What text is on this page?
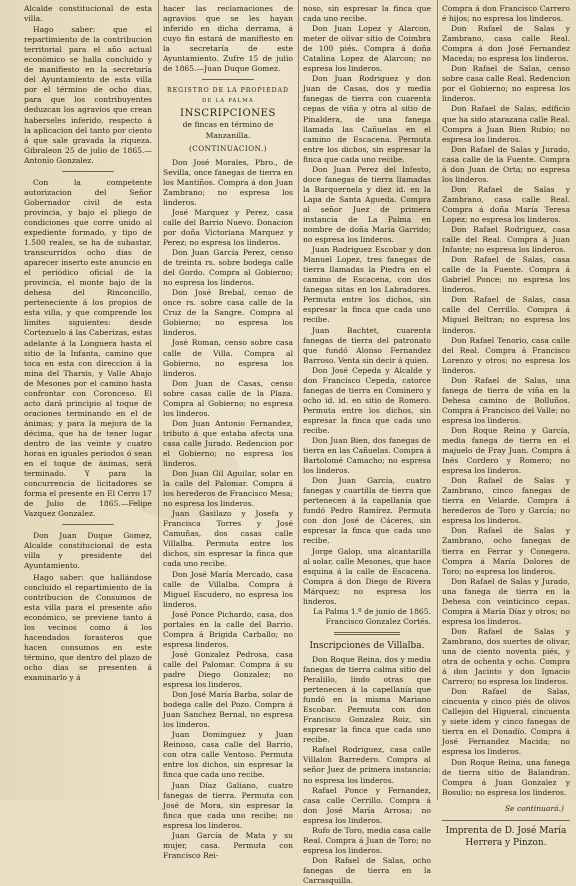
Alcalde constitucional de esta villa.

Hago saber: que el repartimiento de la contribucion territorial para el año actual económico se halla concluido y de manifiesto en la secretaría del Ayuntamiento de esta villa por el término de ocho dias, para que los contribuyentes deduzcan los agravios que crean haberseles inferido, respecto á la aplicacion del tanto por ciento á que sale gravada la riqueza. Gibraleon 25 de julio de 1865.—Antonio Gonzalez.

Con la competente autorizacion del Señor Gobernador civil de esta provincia, y bajo el pliego de condiciones que corre unido al expediente formado, y tipo de 1.500 reales, se ha de subastar, transcurridos ocho dias de aparecer inserto este anuncio en el periódico oficial de la provincia, el monte bajo de la dehesa del Rinconcillo, perteneciente á los propios de esta villa, y que comprende los límites siguientes: desde Cortezuelo á las Caberizas, estas adelante á la Longuera hasta el sitio de la Infanta, camino que toca en esta con direccion á la mina del Tharsis, y Valle Abajo de Mesones por el camino hasta confrontar con Coronceso. El acto dará principio al toque de oraciones terminando en el de ánimas; y para la mejora de la décima, que ha de tener lugar dentro de las veinte y cuatro horas en iguales periodos ó sean en el toque de ánimas, será terminado. Y para la concurrencia de licitadores se forma el presente en El Cerro 17 de Julio de 1865.—Felipe Vazquez Gonzalez.

Don Juan Duque Gomez, Alcalde constitucional de esta villa y presidente del Ayuntamiento.

Hago saber: que hallándose concluido el repartimiento de la contribucion de Consumos de esta villa para el presente año económico, se previene tanto á los vecinos como á los hacendados forasteros que hacen consumos en este término, que dentro del plazo de ocho dias se presenten á examinarlo y á

hacer las reclamaciones de agravios que se les hayan inferido en dicha derrama, á cuyo fin estará de manifiesto en la secretaría de este Ayuntamiento. Zufre 15 de julio de 1865.—Juan Duque Gomez.

REGISTRO DE LA PROPIEDAD

DE LA PALMA

INSCRIPCIONES

de fincas en término de Manzanilla.

(CONTINUACION.)

Don José Morales, Pbro., de Sevilla, once fanegas de tierra en los Mantiños. Compra á don Juan Zambrano; no espresa los linderos.

José Marquez y Perez, casa calle del Barrio Nuevo. Donacion por doña Victoriana Marquez y Perez; no espresa los linderos.

Don Juan García Perez, censo de treinta rs. sobre bodega calle del Gordo. Compra al Gobierno; no espresa los linderos.

Don José Brebal, censo de once rs. sobre casa calle de la Cruz de la Sangre. Compra al Gobierno; no espresa los linderos.

José Roman, censo sobre casa calle de Villa. Compra al Gobierno, no espresa los linderos.

Don Juan de Casas, censo sobre casas calle de la Plaza. Compra al Gobierno; no espresa los linderos.

Don Juan Antonio Fernandez, tributo á que estaba afecta una casa calle Jurado. Redencion por el Gobierno; no espresa los linderos.

Don Juan Gil Aguilar, solar en la calle del Palomar. Compra á los herederos de Francisco Mesa; no espresa los linderos.

Juan Gasilazo y Josefa y Francisca Torres y José Camuñas, dos casas calle Villalba. Permuta entre los dichos, sin espresar la finca que cada uno recibe.

Don José María Mercado, casa calle de Villalba. Compra á Miguel Escudero, no espresa los linderos.

José Ponce Pichardo, casa, dos portales en la calle del Barrio. Compra á Brigida Carballo; no espresa linderos.

José Gonzalez Pedrosa, casa calle del Palomar. Compra á su padre Diego Gonzalez; no espresa los linderos.

Don José María Barba, solar de bodega calle del Pozo. Compra á Juan Sanchez Bernal, no espresa los linderos.

Juan Dominguez y Juan Reinoso, casa calle del Barrio, con otra calle Ventoso. Permuta entre los dichos, sin espresar la finca que cada uno recibe.

Juan Díaz Galiano, cuatro fanegas de tierra. Permuta con José de Mora, sin espresar la finca que cada uno recibe; no espresa los linderos.

Juan García de Mata y su mujer, casa. Permuta con Francisco Rei-

noso, sin espresar la finca que cada uno recibe.

Don Juan Lopez y Alarcon, meter de olivar sitio de Coimbra de 100 piés. Compra á doña Catalina Lopez de Alarcon; no espresa los linderos.

Don Juan Rodriguez y don Juan de Casas, dos y media fanegas de tierra con cuarenta cepas de viña y otra al sitio de Pinaldera, de una fanega llamada las Cañuelas en el camino de Escacena. Permuta entre los dichos, sin espresar la finca que cada uno recibe.

Don Juan Perez del Infesto, doce fanegas de tierra llamadas la Barquernela y diez id. en la Lapa de Santa Agueda. Compra al señor Juez de primera instancia de La Palma en nombre de doña María Garrido; no espresa los linderos.

Juan Rodriguez Escobar y don Manuel Lopez, tres fanegas de tierra llamadas la Piedra en el camino de Escacena, con dos fanegas sitas en los Labradores. Permuta entre los dichos, sin espresar la finca que cada uno recibe.

Juan Bachtet, cuarenta fanegas de tierra del patronato que fundó Alonso Fernandez Barroso. Venta sin decir á quien.

Don José Cepeda y Alcalde y don Francisco Cepeda, catorce fanegas de tierra en Cominero y ocho id. id. en sitio de Romero. Permuta entre los dichos, sin espresar la finca que cada uno recibe.

Don Juan Bien, dos fanegas de tierra en las Cañuelas. Compra á Bartolomé Camacho; no espresa los linderos.

Don Juan García, cuatro fanegas y cuartilla de tierra que pertenecen á la capellanía que fundó Pedro Ramírez. Permuta con don José de Cáceres, sin espresar la finca que cada uno recibe.

Jorge Galop, una alcantarilla al solar, calle Mesones, que hace esquina á la calle de Escacena. Compra á don Diego de Rivera Márquez; no espresa los linderos.

La Palma 1.º de junio de 1865. Francisco Gonzalez Cortés.

Inscripciones de Villalba.

Don Roque Reina, dos y media fanegas de tierra calma sitio del Peralillo, lindo otras que pertenecen á la capellanía que fundó en la misma Mariano Escobar. Permuta con don Francisco Gonzalez Roiz, sin espresar la finca que cada uno recibe.

Rafael Rodriguez, casa calle Villalon Barredero. Compra al señor Juez de primera instancia; no espresa los linderos.

Rafael Ponce y Fernandez, casa calle Cerrillo. Compra á don José María Arrosa; no espresa los linderos.

Rufo de Toro, media casa calle Real. Compra á Juan de Toro; no espresa los linderos.

Don Rafael de Salas, ocho fanegas de tierra en la Carrasquilla.

Compra á don Francisco Carrero é hijos; no espresa los linderos.

Don Rafael de Salas y Zambrano, casa calle Real. Compra á don José Fernandez Maceda; no espresa los linderos.

Don Rafael de Salas, censo sobre casa calle Real. Redencion por el Gobierno; no espresa los linderos.

Don Rafael de Salas, edificio que ha sido atarazana calle Real. Compra á Juan Bien Rubio; no espresa los linderos.

Don Rafael de Salas y Jurado, casa calle de la Fuente. Compra á don Juan de Orta; no espresa los linderos.

Don Rafael de Salas y Zambrano, casa calle Real. Compra á doña María Teresa Lopez; no espresa los linderos.

Don Rafael Rodriguez, casa calle del Real. Compra á Juan Infante; no espresa los linderos.

Don Rafael de Salas, casa calle de la Fuente. Compra á Gabriel Ponce; no espresa los linderos.

Don Rafael de Salas, casa calle del Cerrillo. Compra á Miguel Beltran; no espresa los linderos.

Don Rafael Tenorio, casa calle del Real. Compra á Francisco Lorenzo y otros; no espresa los linderos.

Don Rafael de Salas, una fanega de tierra de viña en la Dehesa camino de Bolluños. Compra á Francisco del Valle; no espresa los linderos.

Don Roque Reina y García, media fanega de tierra en el majuelo de Fray Juan. Compra á Inés Cordero y Romero; no espresa los linderos.

Don Rafael de Salas y Zambrano, cinco fanegas de tierra en Velarde. Compra á herederos de Toro y García; no espresa los linderos.

Don Rafael de Salas y Zambrano, ocho fanegas de tierra en Ferrar y Conegero. Compra á María Dolores de Toro; no espresa los linderos.

Don Rafael de Salas y Jurado, una fanega de tierra en la Dehesa con veinticinco cepas. Compra á María Díaz y otros; no espresa los linderos.

Don Rafael de Salas y Zambrano, dos suertes de olivar, una de ciento noventa piés, y otra de ochenta y ocho. Compra á don Jacinto y don Ignacio Carrero; no espresa los linderos.

Don Rafael de Salas, cincuenta y cinco piés de olivos Callejon del Higueral, cincuenta y siete idem y cinco fanegas de tierra en el Donadío. Compra á José Fernandez Macida; no espresa los linderos.

Don Roque Reina, una fanega de tierra sitio de Balandran. Compra á Juan Gonzalez y Bosulio; no espresa los linderos.

Se continuará.)

Imprenta de D. José María
Herrera y Pinzon.
